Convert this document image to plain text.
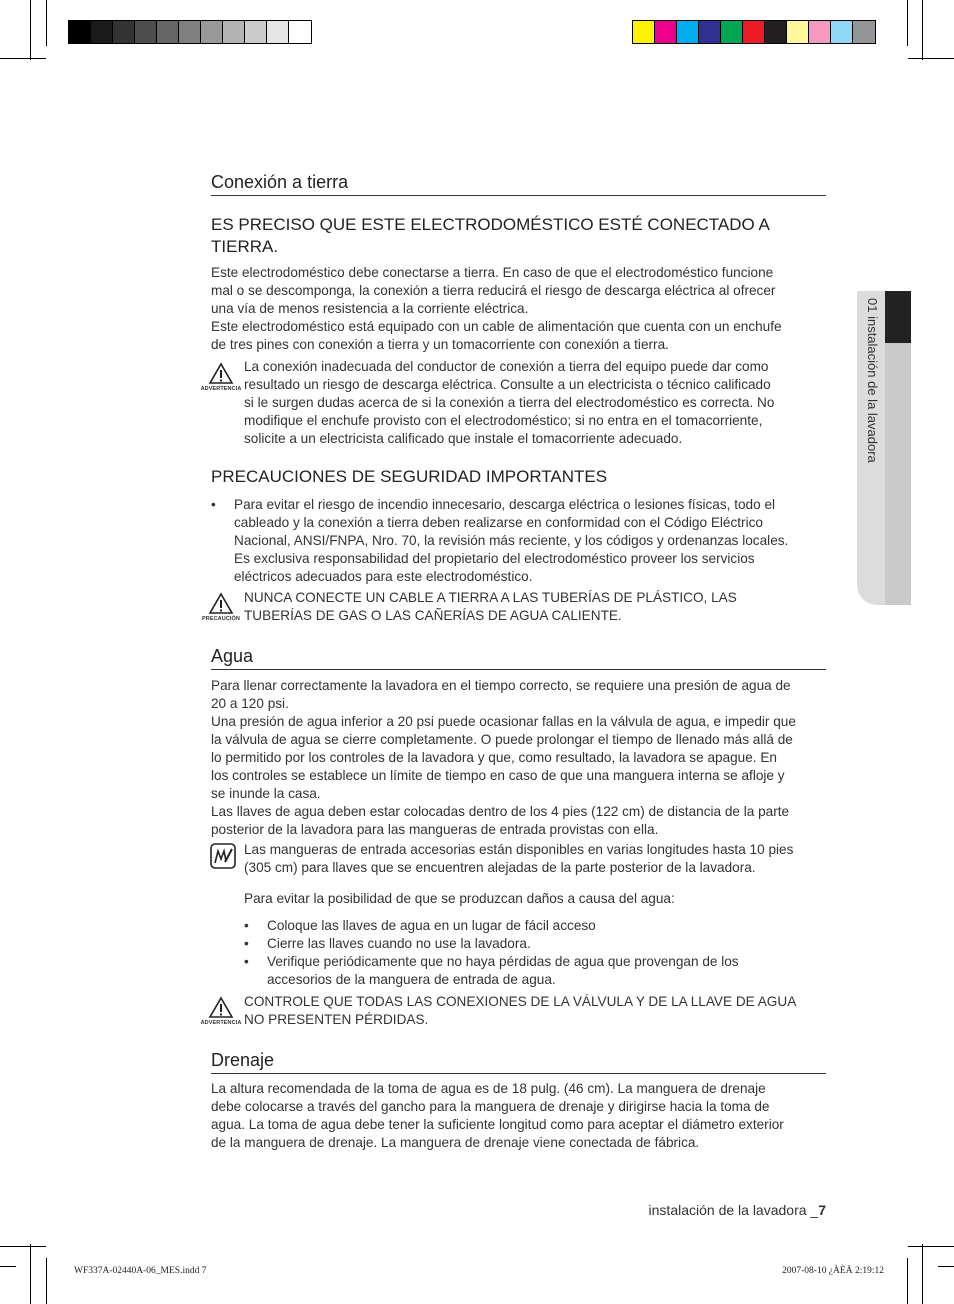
01 instalación de la lavadora
Conexión a tierra
ES PRECISO QUE ESTE ELECTRODOMÉSTICO ESTÉ CONECTADO A
TIERRA.
Este electrodoméstico debe conectarse a tierra. En caso de que el electrodoméstico funcione
mal o se descomponga, la conexión a tierra reducirá el riesgo de descarga eléctrica al ofrecer
una vía de menos resistencia a la corriente eléctrica.
Este electrodoméstico está equipado con un cable de alimentación que cuenta con un enchufe
de tres pines con conexión a tierra y un tomacorriente con conexión a tierra.
ADVERTENCIA
La conexión inadecuada del conductor de conexión a tierra del equipo puede dar como
resultado un riesgo de descarga eléctrica. Consulte a un electricista o técnico calificado
si le surgen dudas acerca de si la conexión a tierra del electrodoméstico es correcta. No
modifique el enchufe provisto con el electrodoméstico; si no entra en el tomacorriente,
solicite a un electricista calificado que instale el tomacorriente adecuado.
PRECAUCIONES DE SEGURIDAD IMPORTANTES
• Para evitar el riesgo de incendio innecesario, descarga eléctrica o lesiones físicas, todo el
cableado y la conexión a tierra deben realizarse en conformidad con el Código Eléctrico
Nacional, ANSI/FNPA, Nro. 70, la revisión más reciente, y los códigos y ordenanzas locales.
Es exclusiva responsabilidad del propietario del electrodoméstico proveer los servicios
eléctricos adecuados para este electrodoméstico.
PRECAUCIÓN
NUNCA CONECTE UN CABLE A TIERRA A LAS TUBERÍAS DE PLÁSTICO, LAS
TUBERÍAS DE GAS O LAS CAÑERÍAS DE AGUA CALIENTE.
Agua
Para llenar correctamente la lavadora en el tiempo correcto, se requiere una presión de agua de
20 a 120 psi.
Una presión de agua inferior a 20 psi puede ocasionar fallas en la válvula de agua, e impedir que
la válvula de agua se cierre completamente. O puede prolongar el tiempo de llenado más allá de
lo permitido por los controles de la lavadora y que, como resultado, la lavadora se apague. En
los controles se establece un límite de tiempo en caso de que una manguera interna se afloje y
se inunde la casa.
Las llaves de agua deben estar colocadas dentro de los 4 pies (122 cm) de distancia de la parte
posterior de la lavadora para las mangueras de entrada provistas con ella.
Las mangueras de entrada accesorias están disponibles en varias longitudes hasta 10 pies
(305 cm) para llaves que se encuentren alejadas de la parte posterior de la lavadora.
Para evitar la posibilidad de que se produzcan daños a causa del agua:
• Coloque las llaves de agua en un lugar de fácil acceso
• Cierre las llaves cuando no use la lavadora.
• Verifique periódicamente que no haya pérdidas de agua que provengan de los
accesorios de la manguera de entrada de agua.
ADVERTENCIA
CONTROLE QUE TODAS LAS CONEXIONES DE LA VÁLVULA Y DE LA LLAVE DE AGUA
NO PRESENTEN PÉRDIDAS.
Drenaje
La altura recomendada de la toma de agua es de 18 pulg. (46 cm). La manguera de drenaje
debe colocarse a través del gancho para la manguera de drenaje y dirigirse hacia la toma de
agua. La toma de agua debe tener la suficiente longitud como para aceptar el diámetro exterior
de la manguera de drenaje. La manguera de drenaje viene conectada de fábrica.
instalación de la lavadora _7
WF337A-02440A-06_MES.indd 7	2007-08-10 ¿ÀÈÄ 2:19:12
